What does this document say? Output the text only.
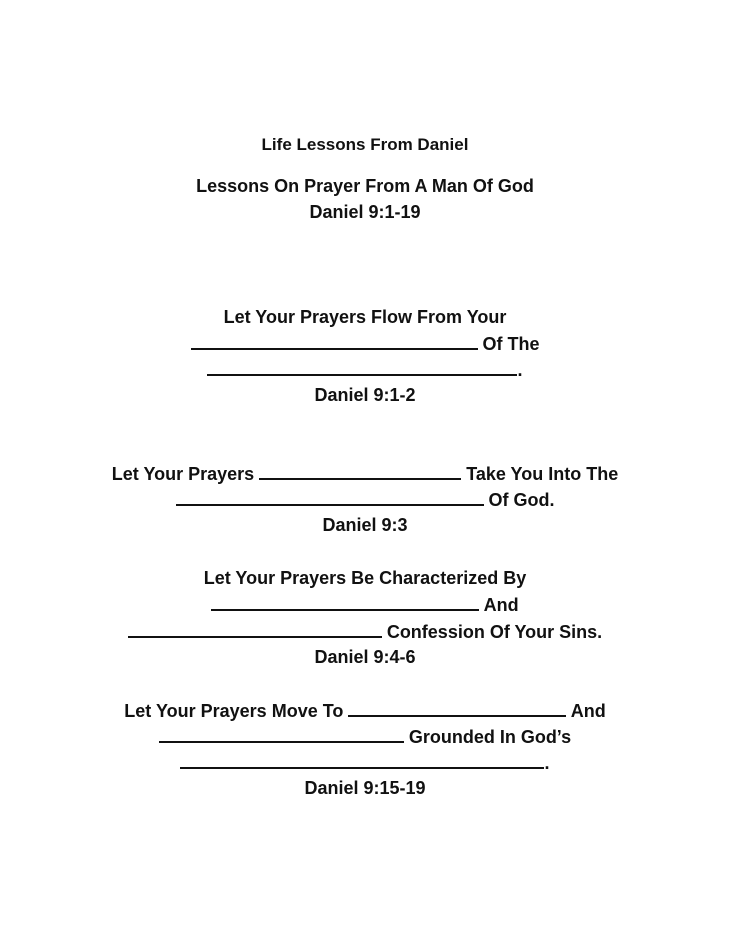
Life Lessons From Daniel
Lessons On Prayer From A Man Of God
Daniel 9:1-19
Let Your Prayers Flow From Your
Of The
.
Daniel 9:1-2
Let Your Prayers	Take You Into The
Of God.
Daniel 9:3
Let Your Prayers Be Characterized By
And
Confession Of Your Sins.
Daniel 9:4-6
Let Your Prayers Move To	And
Grounded In God’s
.
Daniel 9:15-19
